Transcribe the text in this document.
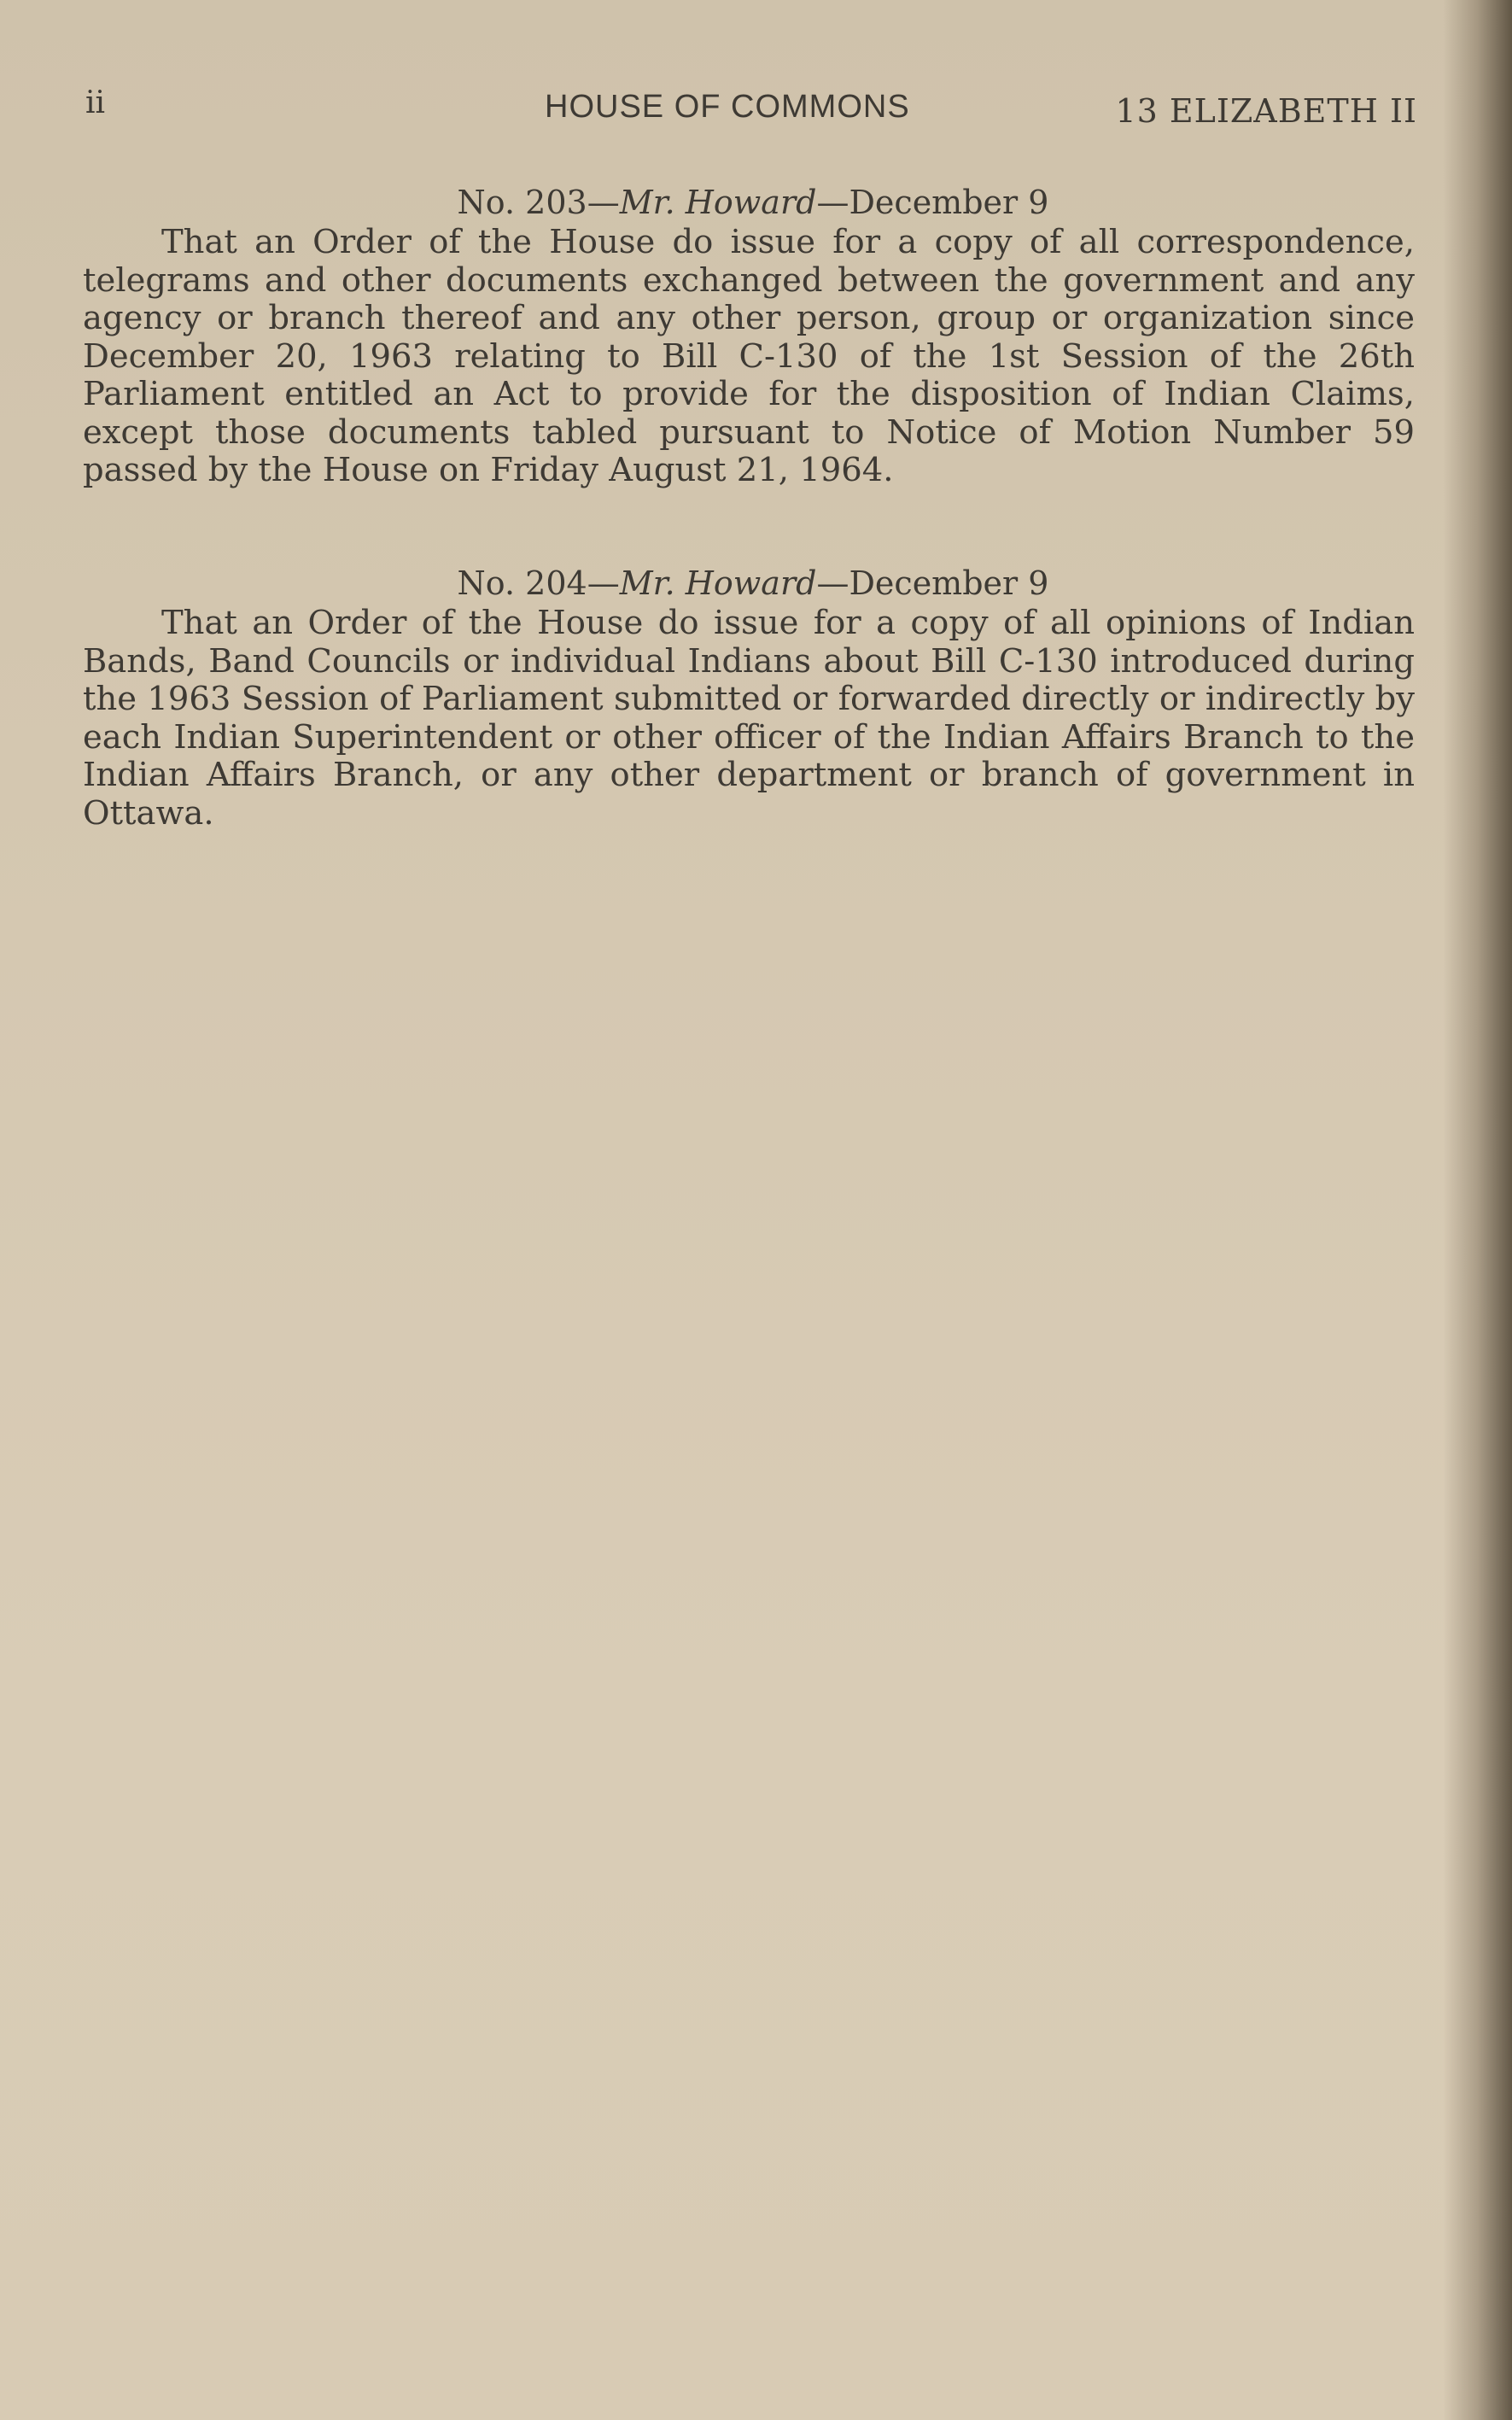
ii	HOUSE OF COMMONS	13 ELIZABETH II
No. 203—Mr. Howard—December 9

That an Order of the House do issue for a copy of all correspondence, telegrams and other documents exchanged between the government and any agency or branch thereof and any other person, group or organization since December 20, 1963 relating to Bill C-130 of the 1st Session of the 26th Parliament entitled an Act to provide for the disposition of Indian Claims, except those documents tabled pursuant to Notice of Motion Number 59 passed by the House on Friday August 21, 1964.

No. 204—Mr. Howard—December 9

That an Order of the House do issue for a copy of all opinions of Indian Bands, Band Councils or individual Indians about Bill C-130 introduced during the 1963 Session of Parliament submitted or forwarded directly or indirectly by each Indian Superintendent or other officer of the Indian Affairs Branch to the Indian Affairs Branch, or any other department or branch of government in Ottawa.
